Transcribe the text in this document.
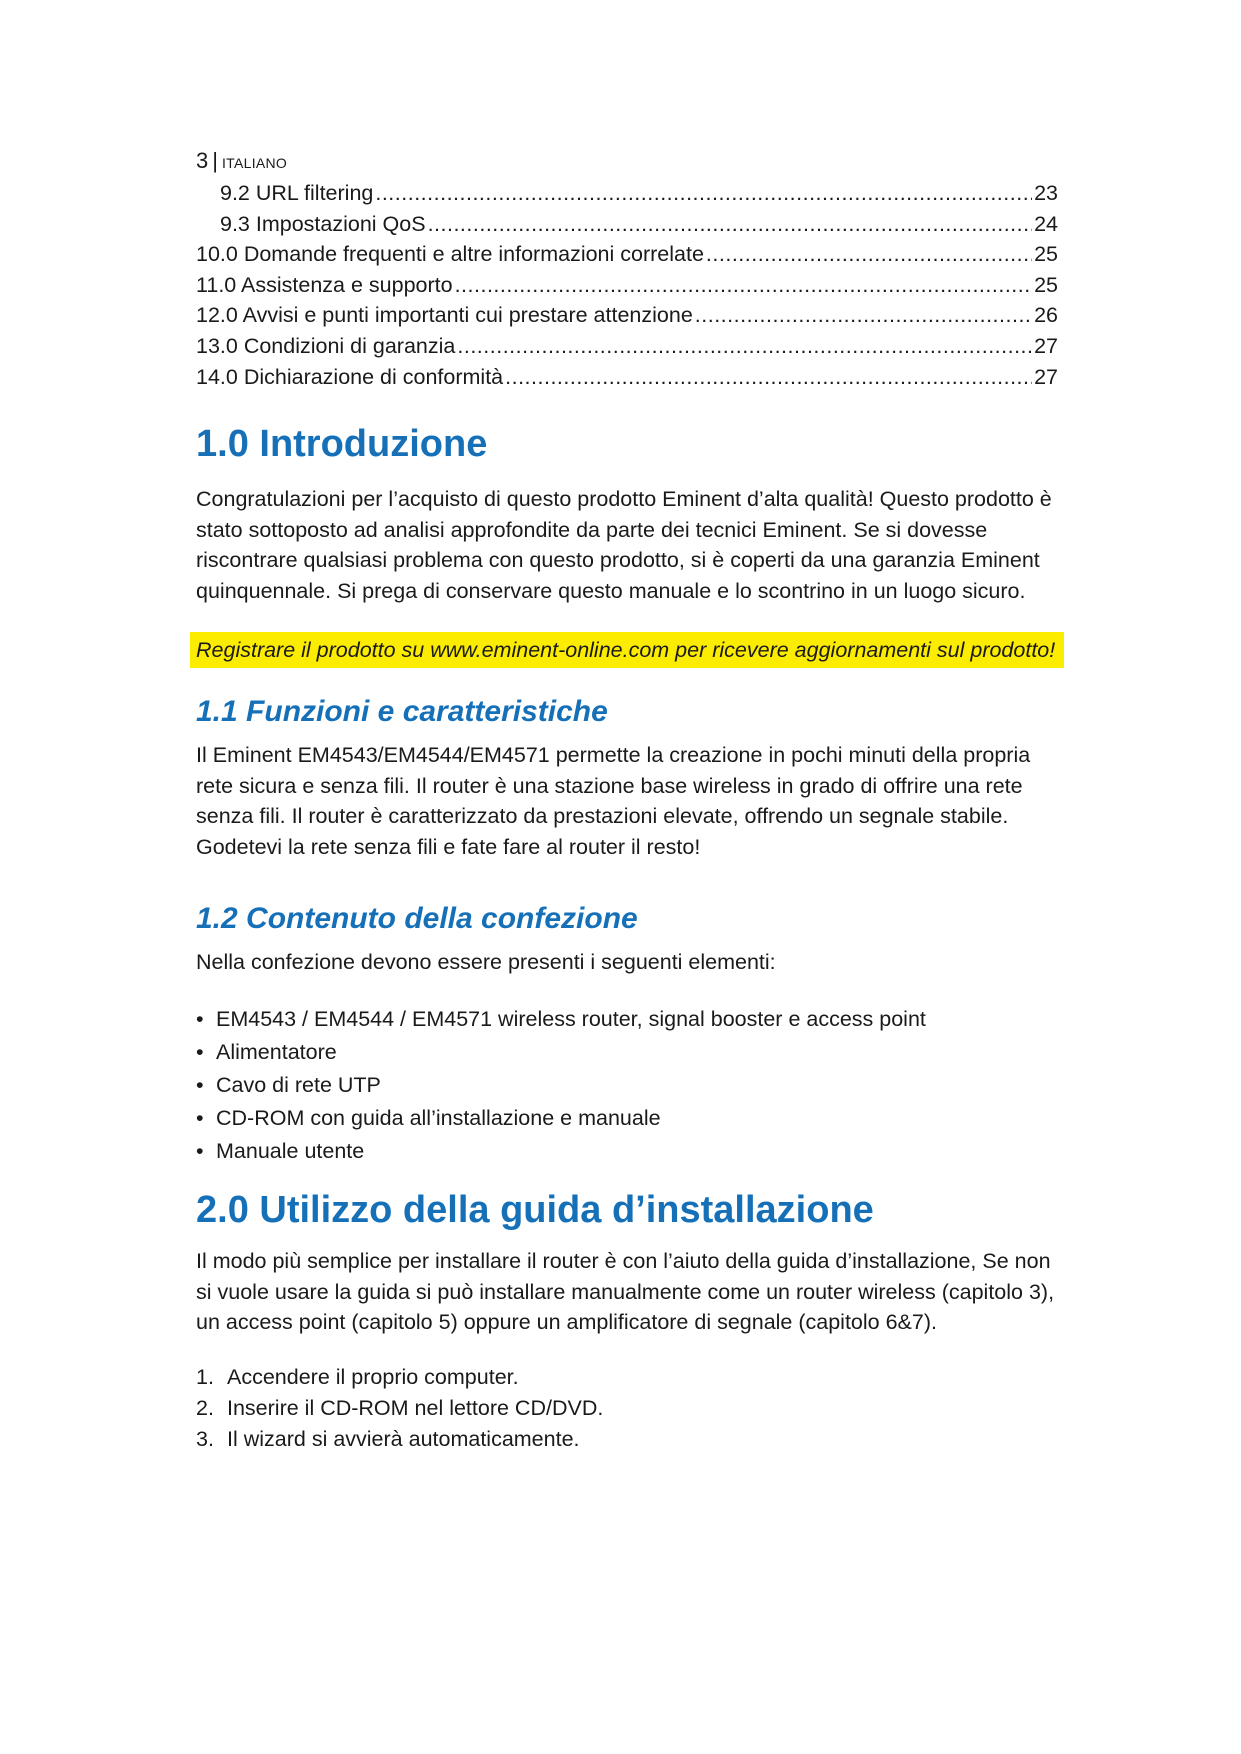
3 | ITALIANO
9.2 URL filtering .....	23
9.3 Impostazioni QoS .....	24
10.0 Domande frequenti e altre informazioni correlate .....	25
11.0 Assistenza e supporto .....	25
12.0 Avvisi e punti importanti cui prestare attenzione .....	26
13.0 Condizioni di garanzia .....	27
14.0 Dichiarazione di conformità .....	27
1.0 Introduzione

Congratulazioni per l’acquisto di questo prodotto Eminent d’alta qualità! Questo prodotto è stato sottoposto ad analisi approfondite da parte dei tecnici Eminent. Se si dovesse riscontrare qualsiasi problema con questo prodotto, si è coperti da una garanzia Eminent quinquennale. Si prega di conservare questo manuale e lo scontrino in un luogo sicuro.

Registrare il prodotto su www.eminent-online.com per ricevere aggiornamenti sul prodotto!
1.1 Funzioni e caratteristiche

Il Eminent EM4543/EM4544/EM4571 permette la creazione in pochi minuti della propria rete sicura e senza fili. Il router è una stazione base wireless in grado di offrire una rete senza fili. Il router è caratterizzato da prestazioni elevate, offrendo un segnale stabile. Godetevi la rete senza fili e fate fare al router il resto!

1.2 Contenuto della confezione

Nella confezione devono essere presenti i seguenti elementi:

• EM4543 / EM4544 / EM4571 wireless router, signal booster e access point
• Alimentatore
• Cavo di rete UTP
• CD-ROM con guida all’installazione e manuale
• Manuale utente
2.0 Utilizzo della guida d’installazione

Il modo più semplice per installare il router è con l’aiuto della guida d’installazione, Se non si vuole usare la guida si può installare manualmente come un router wireless (capitolo 3), un access point (capitolo 5) oppure un amplificatore di segnale (capitolo 6&7).

1. Accendere il proprio computer.
2. Inserire il CD-ROM nel lettore CD/DVD.
3. Il wizard si avvierà automaticamente.
